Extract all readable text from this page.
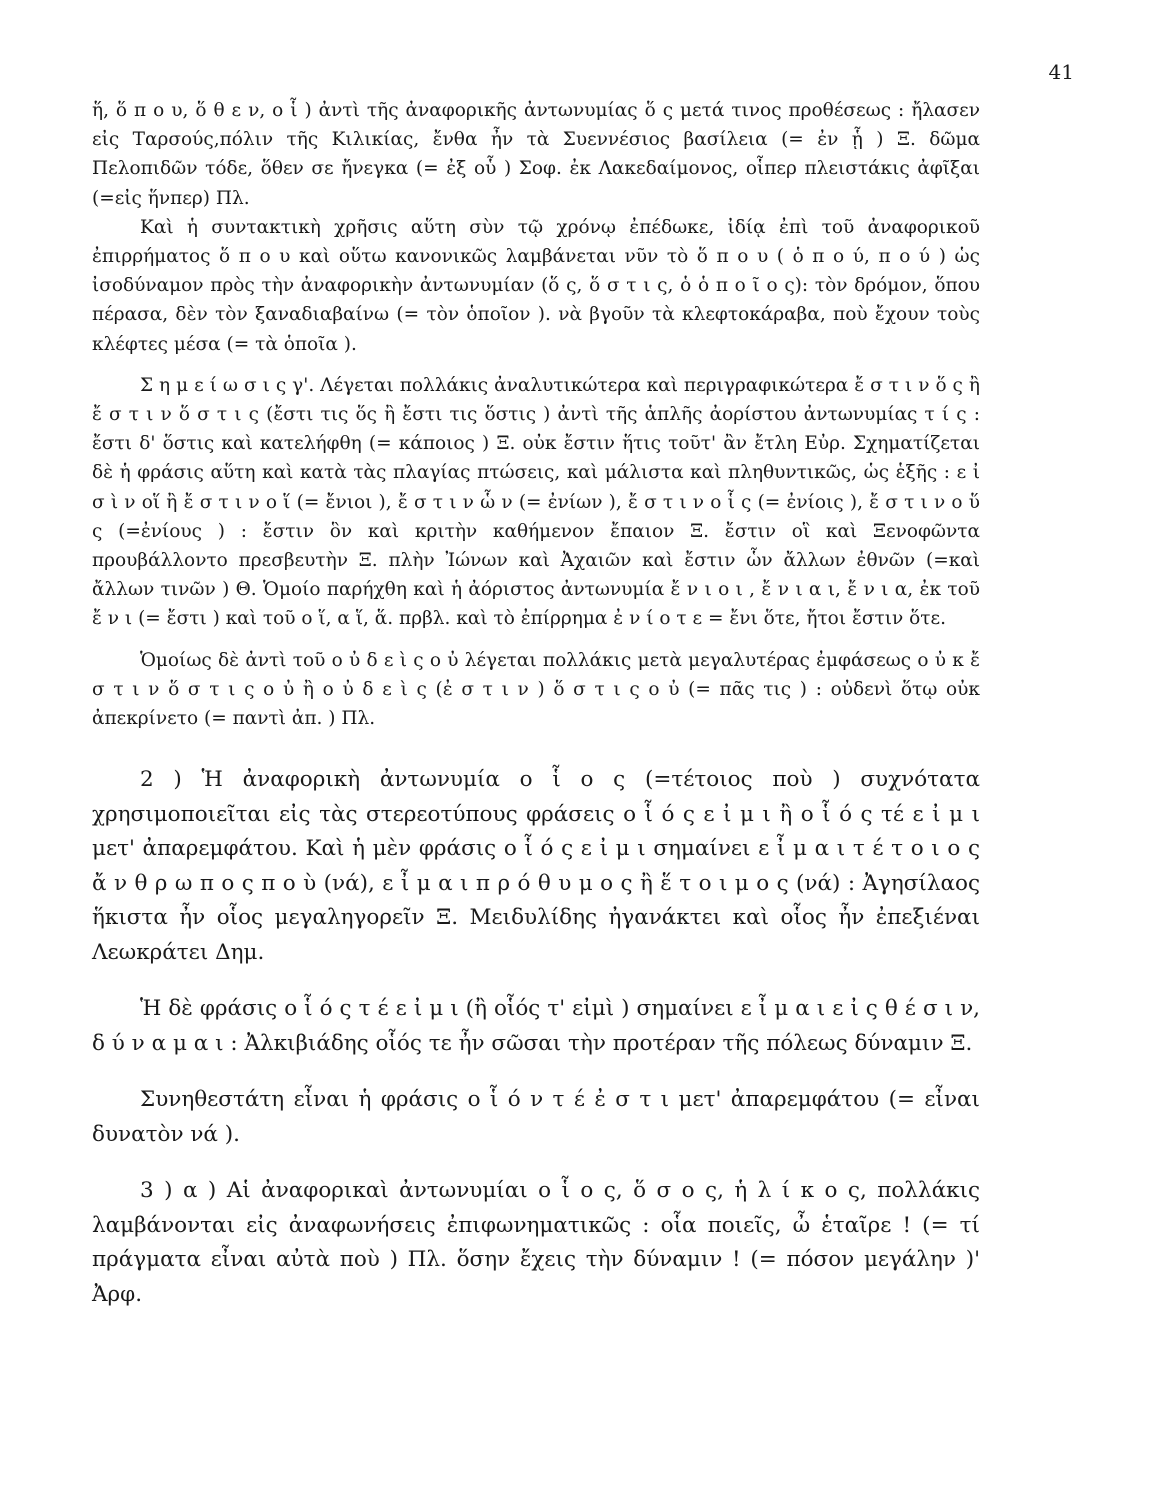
41

ἥ, ὅ π ο υ, ὅ θ ε ν, ο ἷ ) ἀντὶ τῆς ἀναφορικῆς ἀντωνυμίας ὅ ς μετά τινος προθέσεως : ἤλασεν εἰς Ταρσούς,πόλιν τῆς Κιλικίας, ἔνθα ἦν τὰ Συεννέσιος βασίλεια (= ἐν ᾗ ) Ξ. δῶμα Πελοπιδῶν τόδε, ὅθεν σε ἤνεγκα (= ἐξ οὗ ) Σοφ. ἐκ Λακεδαίμονος, οἷπερ πλειστάκις ἀφῖξαι (=εἰς ἥνπερ) Πλ.

Καὶ ἡ συντακτικὴ χρῆσις αὕτη σὺν τῷ χρόνῳ ἐπέδωκε, ἰδίᾳ ἐπὶ τοῦ ἀναφορικοῦ ἐπιρρήματος ὅ π ο υ καὶ οὕτω κανονικῶς λαμβάνεται νῦν τὸ ὅ π ο υ ( ὁ π ο ύ, π ο ύ ) ὡς ἰσοδύναμον πρὸς τὴν ἀναφορικὴν ἀντωνυμίαν (ὅ ς, ὅ σ τ ι ς, ὁ ὁ π ο ῖ ο ς): τὸν δρόμον, ὅπου πέρασα, δὲν τὸν ξαναδιαβαίνω (= τὸν ὁποῖον ). νὰ βγοῦν τὰ κλεφτοκάραβα, ποὺ ἔχουν τοὺς κλέφτες μέσα (= τὰ ὁποῖα ).

Σ η μ ε ί ω σ ι ς γ'. Λέγεται πολλάκις ἀναλυτικώτερα καὶ περιγραφικώτερα ἔ σ τ ι ν ὅ ς ἢ ἔ σ τ ι ν ὅ σ τ ι ς (ἔστι τις ὅς ἢ ἔστι τις ὅστις ) ἀντὶ τῆς ἁπλῆς ἀορίστου ἀντωνυμίας τ ί ς : ἔστι δ' ὅστις καὶ κατελήφθη (= κάποιος ) Ξ. οὐκ ἔστιν ἥτις τοῦτ' ἂν ἔτλη Εὐρ. Σχηματίζεται δὲ ἡ φράσις αὕτη καὶ κατὰ τὰς πλαγίας πτώσεις, καὶ μάλιστα καὶ πληθυντικῶς, ὡς ἑξῆς : ε ἰ σ ὶ ν οἵ ἢ ἔ σ τ ι ν ο ἵ (= ἔνιοι ), ἔ σ τ ι ν ὧ ν (= ἐνίων ), ἔ σ τ ι ν ο ἷ ς (= ἐνίοις ), ἔ σ τ ι ν ο ὕ ς (=ἐνίους ) : ἔστιν ὃν καὶ κριτὴν καθήμενον ἔπαιον Ξ. ἔστιν οἳ καὶ Ξενοφῶντα προυβάλλοντο πρεσβευτὴν Ξ. πλὴν Ἰώνων καὶ Ἀχαιῶν καὶ ἔστιν ὧν ἄλλων ἐθνῶν (=καὶ ἄλλων τινῶν ) Θ. Ὁμοίο παρήχθη καὶ ἡ ἀόριστος ἀντωνυμία ἔ ν ι ο ι , ἔ ν ι α ι, ἔ ν ι α, ἐκ τοῦ ἔ ν ι (= ἔστι ) καὶ τοῦ ο ἵ, α ἵ, ἅ. πρβλ. καὶ τὸ ἐπίρρημα ἐ ν ί ο τ ε = ἔνι ὅτε, ἤτοι ἔστιν ὅτε.

Ὁμοίως δὲ ἀντὶ τοῦ ο ὐ δ ε ὶ ς ο ὐ λέγεται πολλάκις μετὰ μεγαλυτέρας ἐμφάσεως ο ὐ κ ἔ σ τ ι ν ὅ σ τ ι ς ο ὐ ἢ ο ὐ δ ε ὶ ς (ἐ σ τ ι ν ) ὅ σ τ ι ς ο ὐ (= πᾶς τις ) : οὐδενὶ ὅτῳ οὐκ ἀπεκρίνετο (= παντὶ ἀπ. ) Πλ.

2 ) Ἡ ἀναφορικὴ ἀντωνυμία ο ἷ ο ς (=τέτοιος ποὺ ) συχνότατα χρησιμοποιεῖται εἰς τὰς στερεοτύπους φράσεις ο ἷ ό ς ε ἰ μ ι ἢ ο ἷ ό ς τέ ε ἰ μ ι μετ' ἀπαρεμφάτου. Καὶ ἡ μὲν φράσις ο ἷ ό ς ε ἰ μ ι σημαίνει ε ἶ μ α ι τ έ τ ο ι ο ς ἄ ν θ ρ ω π ο ς π ο ὺ (νά), ε ἶ μ α ι π ρ ό θ υ μ ο ς ἢ ἕ τ ο ι μ ο ς (νά) : Ἀγησίλαος ἥκιστα ἦν οἷος μεγαληγορεῖν Ξ. Μειδυλίδης ἠγανάκτει καὶ οἷος ἦν ἐπεξιέναι Λεωκράτει Δημ.

Ἡ δὲ φράσις ο ἷ ό ς τ έ ε ἰ μ ι (ἢ οἷός τ' εἰμὶ ) σημαίνει ε ἶ μ α ι ε ἰ ς θ έ σ ι ν, δ ύ ν α μ α ι : Ἀλκιβιάδης οἷός τε ἦν σῶσαι τὴν προτέραν τῆς πόλεως δύναμιν Ξ.

Συνηθεστάτη εἶναι ἡ φράσις ο ἷ ό ν τ έ ἐ σ τ ι μετ' ἀπαρεμφάτου (= εἶναι δυνατὸν νά ).

3 ) α ) Αἱ ἀναφορικαὶ ἀντωνυμίαι ο ἷ ο ς, ὅ σ ο ς, ἡ λ ί κ ο ς, πολλάκις λαμβάνονται εἰς ἀναφωνήσεις ἐπιφωνηματικῶς : οἷα ποιεῖς, ὦ ἑταῖρε ! (= τί πράγματα εἶναι αὐτὰ ποὺ ) Πλ. ὅσην ἔχεις τὴν δύναμιν ! (= πόσον μεγάλην )' Ἀρφ.
